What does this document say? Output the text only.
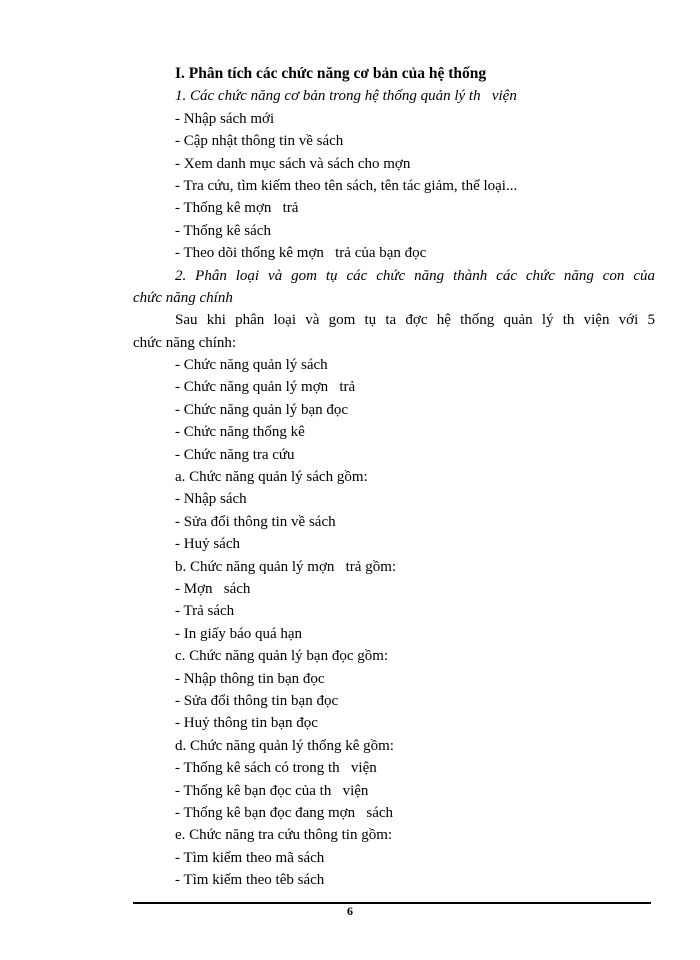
I. Phân tích các chức năng cơ bản của hệ thống
1. Các chức năng cơ bản trong hệ thống quản lý th   viện
- Nhập sách mới
- Cập nhật thông tin về sách
- Xem danh mục sách và sách cho mợn
- Tra cứu, tìm kiếm theo tên sách, tên tác giảm, thể loại...
- Thống kê mợn   trả
- Thống kê sách
- Theo dõi thống kê mợn   trả của bạn đọc
2. Phân loại và gom tụ các chức năng thành các chức năng con của
chức năng chính
Sau khi phân loại và gom tụ ta đợc hệ thống quản lý th viện với 5
chức năng chính:
- Chức năng quản lý sách
- Chức năng quản lý mợn   trả
- Chức năng quản lý bạn đọc
- Chức năng thống kê
- Chức năng tra cứu
a. Chức năng quản lý sách gồm:
- Nhập sách
- Sửa đổi thông tin về sách
- Huỷ sách
b. Chức năng quản lý mợn   trả gồm:
- Mợn   sách
- Trả sách
- In giấy báo quá hạn
c. Chức năng quản lý bạn đọc gồm:
- Nhập thông tin bạn đọc
- Sửa đổi thông tin bạn đọc
- Huỷ thông tin bạn đọc
d. Chức năng quản lý thống kê gồm:
- Thống kê sách có trong th   viện
- Thống kê bạn đọc của th   viện
- Thống kê bạn đọc đang mợn   sách
e. Chức năng tra cứu thông tin gồm:
- Tìm kiếm theo mã sách
- Tìm kiếm theo têb sách
6
